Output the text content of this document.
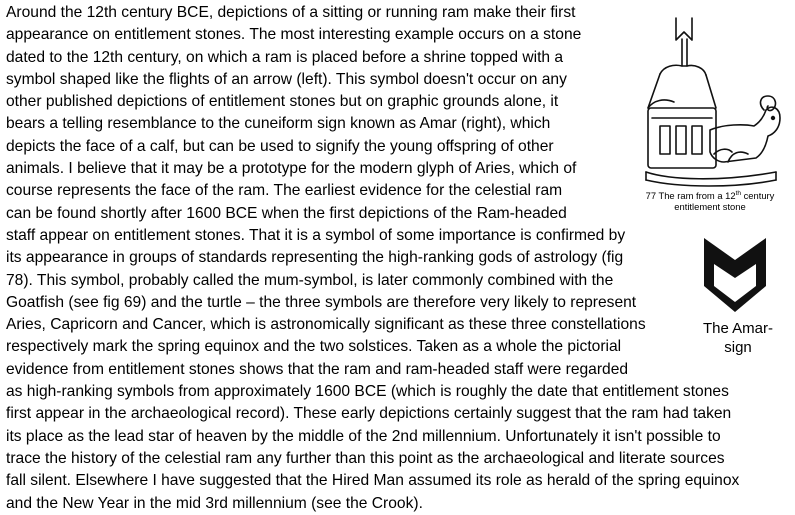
Around the 12th century BCE, depictions of a sitting or running ram make their first
appearance on entitlement stones. The most interesting example occurs on a stone
dated to the 12th century, on which a ram is placed before a shrine topped with a
symbol shaped like the flights of an arrow (left). This symbol doesn't occur on any
other published depictions of entitlement stones but on graphic grounds alone, it
bears a telling resemblance to the cuneiform sign known as Amar (right), which
depicts the face of a calf, but can be used to signify the young offspring of other
animals. I believe that it may be a prototype for the modern glyph of Aries, which of
course represents the face of the ram. The earliest evidence for the celestial ram
can be found shortly after 1600 BCE when the first depictions of the Ram-headed
staff appear on entitlement stones. That it is a symbol of some importance is confirmed by
its appearance in groups of standards representing the high-ranking gods of astrology (fig
78). This symbol, probably called the mum-symbol, is later commonly combined with the
Goatfish (see fig 69) and the turtle – the three symbols are therefore very likely to represent
Aries, Capricorn and Cancer, which is astronomically significant as these three constellations
respectively mark the spring equinox and the two solstices. Taken as a whole the pictorial
evidence from entitlement stones shows that the ram and ram-headed staff were regarded
as high-ranking symbols from approximately 1600 BCE (which is roughly the date that entitlement stones
first appear in the archaeological record). These early depictions certainly suggest that the ram had taken
its place as the lead star of heaven by the middle of the 2nd millennium. Unfortunately it isn't possible to
trace the history of the celestial ram any further than this point as the archaeological and literate sources
fall silent. Elsewhere I have suggested that the Hired Man assumed its role as herald of the spring equinox
and the New Year in the mid 3rd millennium (see the Crook).

77 The ram from a 12th century
entitlement stone
The Amar-
sign
